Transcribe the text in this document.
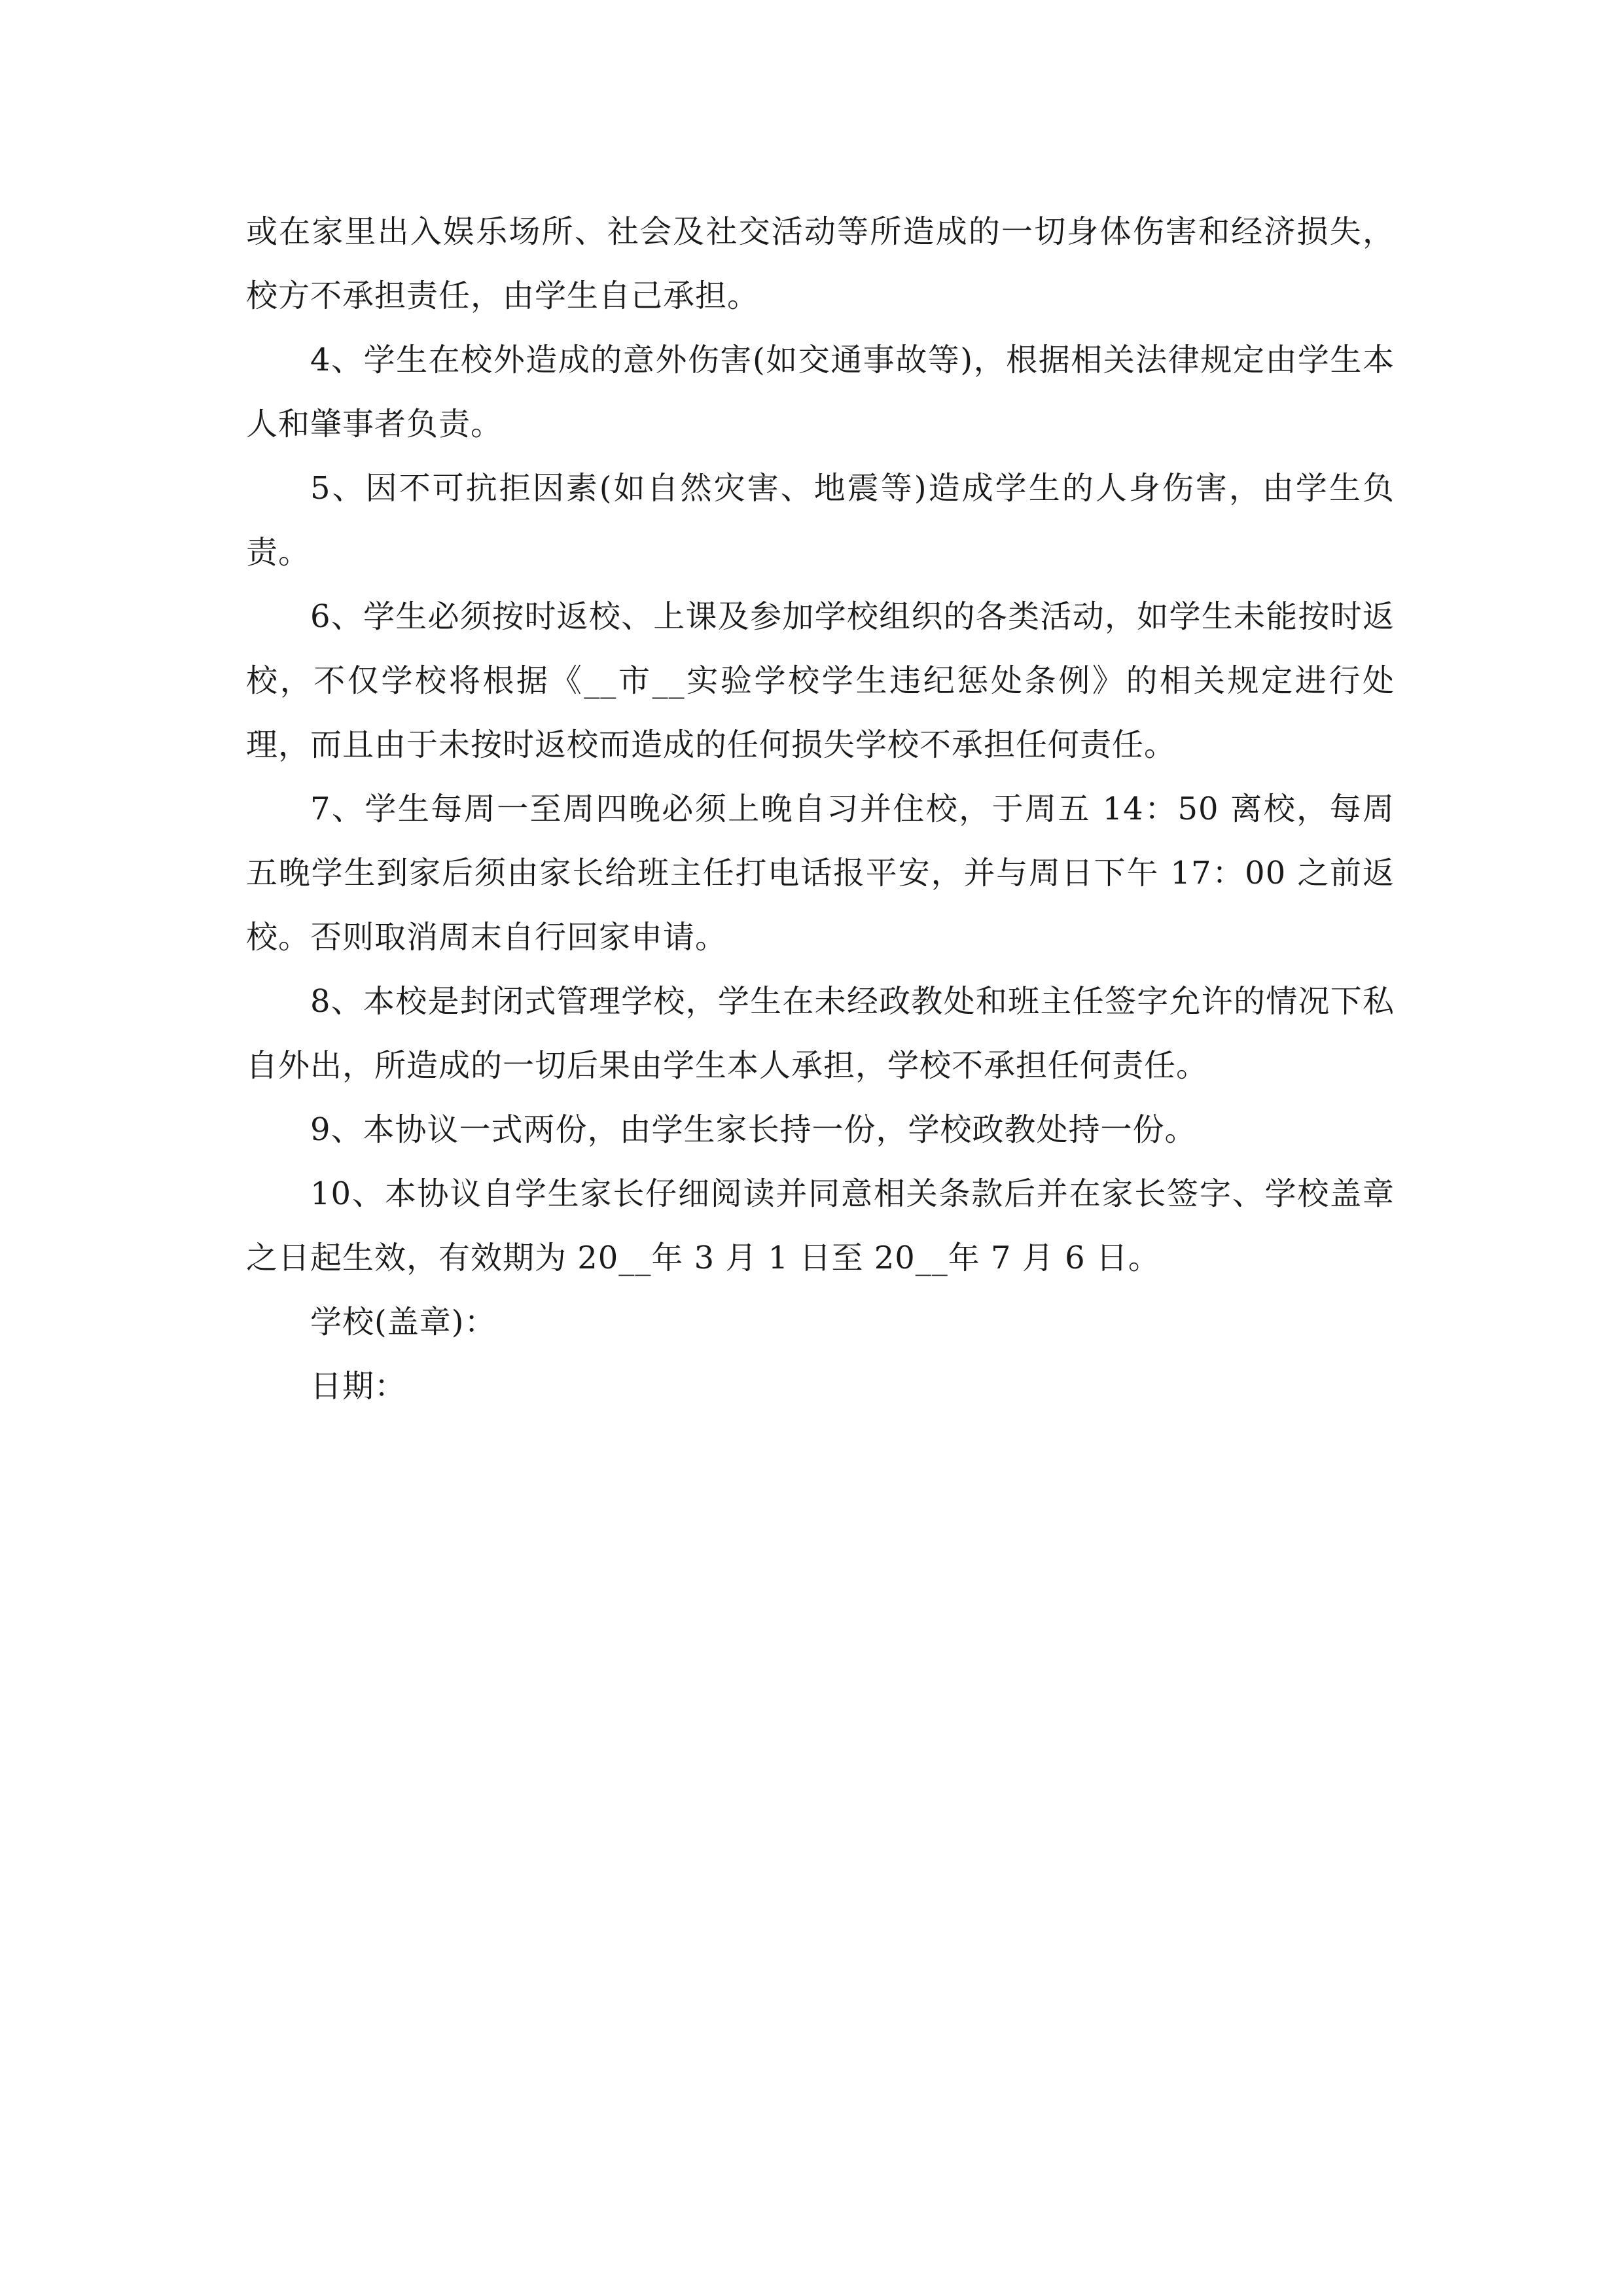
或在家里出入娱乐场所、社会及社交活动等所造成的一切身体伤害和经济损失，校方不承担责任，由学生自己承担。

4、学生在校外造成的意外伤害(如交通事故等)，根据相关法律规定由学生本人和肇事者负责。

5、因不可抗拒因素(如自然灾害、地震等)造成学生的人身伤害，由学生负责。

6、学生必须按时返校、上课及参加学校组织的各类活动，如学生未能按时返校，不仅学校将根据《__市__实验学校学生违纪惩处条例》的相关规定进行处理，而且由于未按时返校而造成的任何损失学校不承担任何责任。

7、学生每周一至周四晚必须上晚自习并住校，于周五 14：50 离校，每周五晚学生到家后须由家长给班主任打电话报平安，并与周日下午 17：00 之前返校。否则取消周末自行回家申请。

8、本校是封闭式管理学校，学生在未经政教处和班主任签字允许的情况下私自外出，所造成的一切后果由学生本人承担，学校不承担任何责任。

9、本协议一式两份，由学生家长持一份，学校政教处持一份。

10、本协议自学生家长仔细阅读并同意相关条款后并在家长签字、学校盖章之日起生效，有效期为 20__年 3 月 1 日至 20__年 7 月 6 日。

学校(盖章)：

日期：
